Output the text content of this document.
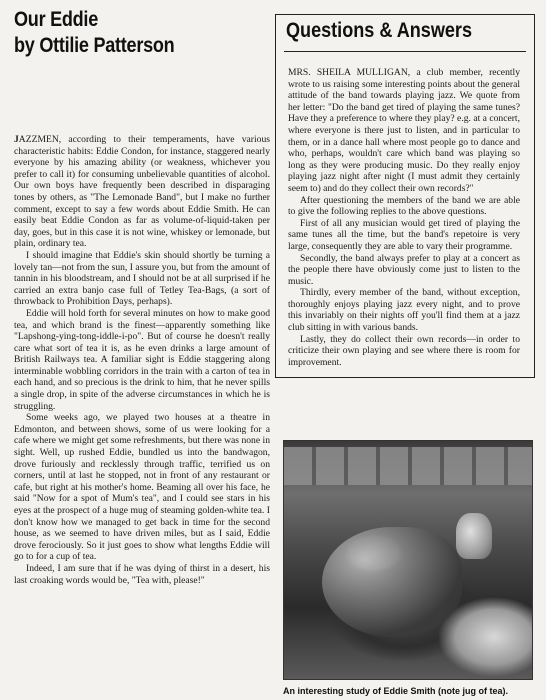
Our Eddie
by Ottilie Patterson

JAZZMEN, according to their temperaments, have various characteristic habits: Eddie Condon, for instance, staggered nearly everyone by his amazing ability (or weakness, whichever you prefer to call it) for consuming unbelievable quantities of alcohol. Our own boys have frequently been described in disparaging tones by others, as "The Lemonade Band", but I make no further comment, except to say a few words about Eddie Smith. He can easily beat Eddie Condon as far as volume-of-liquid-taken per day, goes, but in this case it is not wine, whiskey or lemonade, but plain, ordinary tea.

I should imagine that Eddie's skin should shortly be turning a lovely tan—not from the sun, I assure you, but from the amount of tannin in his bloodstream, and I should not be at all surprised if he carried an extra banjo case full of Tetley Tea-Bags, (a sort of throwback to Prohibition Days, perhaps).

Eddie will hold forth for several minutes on how to make good tea, and which brand is the finest—apparently something like "Lapshong-ying-tong-iddle-i-po". But of course he doesn't really care what sort of tea it is, as he even drinks a large amount of British Railways tea. A familiar sight is Eddie staggering along interminable wobbling corridors in the train with a carton of tea in each hand, and so precious is the drink to him, that he never spills a single drop, in spite of the adverse circumstances in which he is struggling.

Some weeks ago, we played two houses at a theatre in Edmonton, and between shows, some of us were looking for a cafe where we might get some refreshments, but there was none in sight. Well, up rushed Eddie, bundled us into the bandwagon, drove furiously and recklessly through traffic, terrified us on corners, until at last he stopped, not in front of any restaurant or cafe, but right at his mother's home. Beaming all over his face, he said "Now for a spot of Mum's tea", and I could see stars in his eyes at the prospect of a huge mug of steaming golden-white tea. I don't know how we managed to get back in time for the second house, as we seemed to have driven miles, but as I said, Eddie drove ferociously. So it just goes to show what lengths Eddie will go to for a cup of tea.

Indeed, I am sure that if he was dying of thirst in a desert, his last croaking words would be, "Tea with, please!"

Questions & Answers

MRS. SHEILA MULLIGAN, a club member, recently wrote to us raising some interesting points about the general attitude of the band towards playing jazz. We quote from her letter: "Do the band get tired of playing the same tunes? Have they a preference to where they play? e.g. at a concert, where everyone is there just to listen, and in particular to them, or in a dance hall where most people go to dance and who, perhaps, wouldn't care which band was playing so long as they were producing music. Do they really enjoy playing jazz night after night (I must admit they certainly seem to) and do they collect their own records?"

After questioning the members of the band we are able to give the following replies to the above questions.

First of all any musician would get tired of playing the same tunes all the time, but the band's repetoire is very large, consequently they are able to vary their programme.

Secondly, the band always prefer to play at a concert as the people there have obviously come just to listen to the music.

Thirdly, every member of the band, without exception, thoroughly enjoys playing jazz every night, and to prove this invariably on their nights off you'll find them at a jazz club sitting in with various bands.

Lastly, they do collect their own records—in order to criticize their own playing and see where there is room for improvement.

An interesting study of Eddie Smith (note jug of tea).
